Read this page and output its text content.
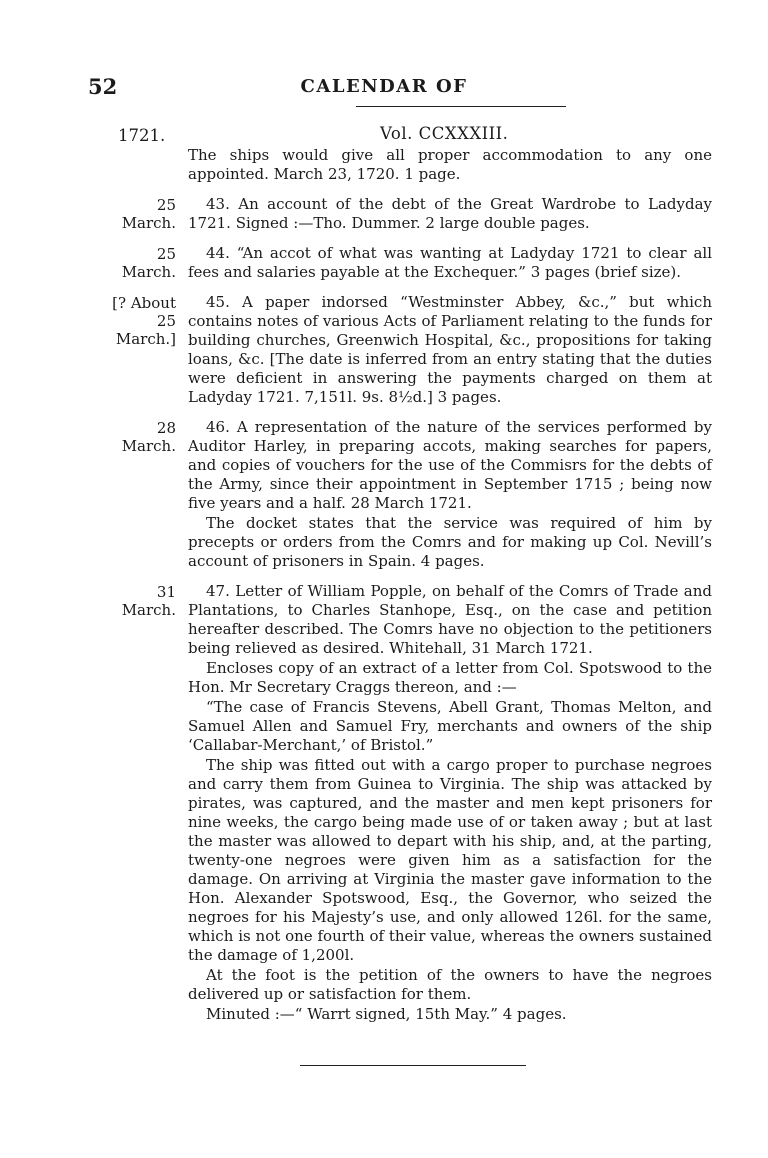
52	CALENDAR OF
1721.	Vol. CCXXXIII.

The ships would give all proper accommodation to any one appointed. March 23, 1720. 1 page.

25 March.

43. An account of the debt of the Great Wardrobe to Ladyday 1721. Signed :—Tho. Dummer. 2 large double pages.

25 March.

44. “An accot of what was wanting at Ladyday 1721 to clear all fees and salaries payable at the Exchequer.” 3 pages (brief size).

[? About 25 March.]

45. A paper indorsed “Westminster Abbey, &c.,” but which contains notes of various Acts of Parliament relating to the funds for building churches, Greenwich Hospital, &c., propositions for taking loans, &c. [The date is inferred from an entry stating that the duties were deficient in answering the payments charged on them at Ladyday 1721. 7,151l. 9s. 8½d.] 3 pages.

28 March.

46. A representation of the nature of the services performed by Auditor Harley, in preparing accots, making searches for papers, and copies of vouchers for the use of the Commisrs for the debts of the Army, since their appointment in September 1715 ; being now five years and a half. 28 March 1721.

The docket states that the service was required of him by precepts or orders from the Comrs and for making up Col. Nevill’s account of prisoners in Spain. 4 pages.

31 March.

47. Letter of William Popple, on behalf of the Comrs of Trade and Plantations, to Charles Stanhope, Esq., on the case and petition hereafter described. The Comrs have no objection to the petitioners being relieved as desired. Whitehall, 31 March 1721.

Encloses copy of an extract of a letter from Col. Spotswood to the Hon. Mr Secretary Craggs thereon, and :—

“The case of Francis Stevens, Abell Grant, Thomas Melton, and Samuel Allen and Samuel Fry, merchants and owners of the ship ‘Callabar-Merchant,’ of Bristol.”

The ship was fitted out with a cargo proper to purchase negroes and carry them from Guinea to Virginia. The ship was attacked by pirates, was captured, and the master and men kept prisoners for nine weeks, the cargo being made use of or taken away ; but at last the master was allowed to depart with his ship, and, at the parting, twenty-one negroes were given him as a satisfaction for the damage. On arriving at Virginia the master gave information to the Hon. Alexander Spotswood, Esq., the Governor, who seized the negroes for his Majesty’s use, and only allowed 126l. for the same, which is not one fourth of their value, whereas the owners sustained the damage of 1,200l.

At the foot is the petition of the owners to have the negroes delivered up or satisfaction for them.

Minuted :—“ Warrt signed, 15th May.” 4 pages.
